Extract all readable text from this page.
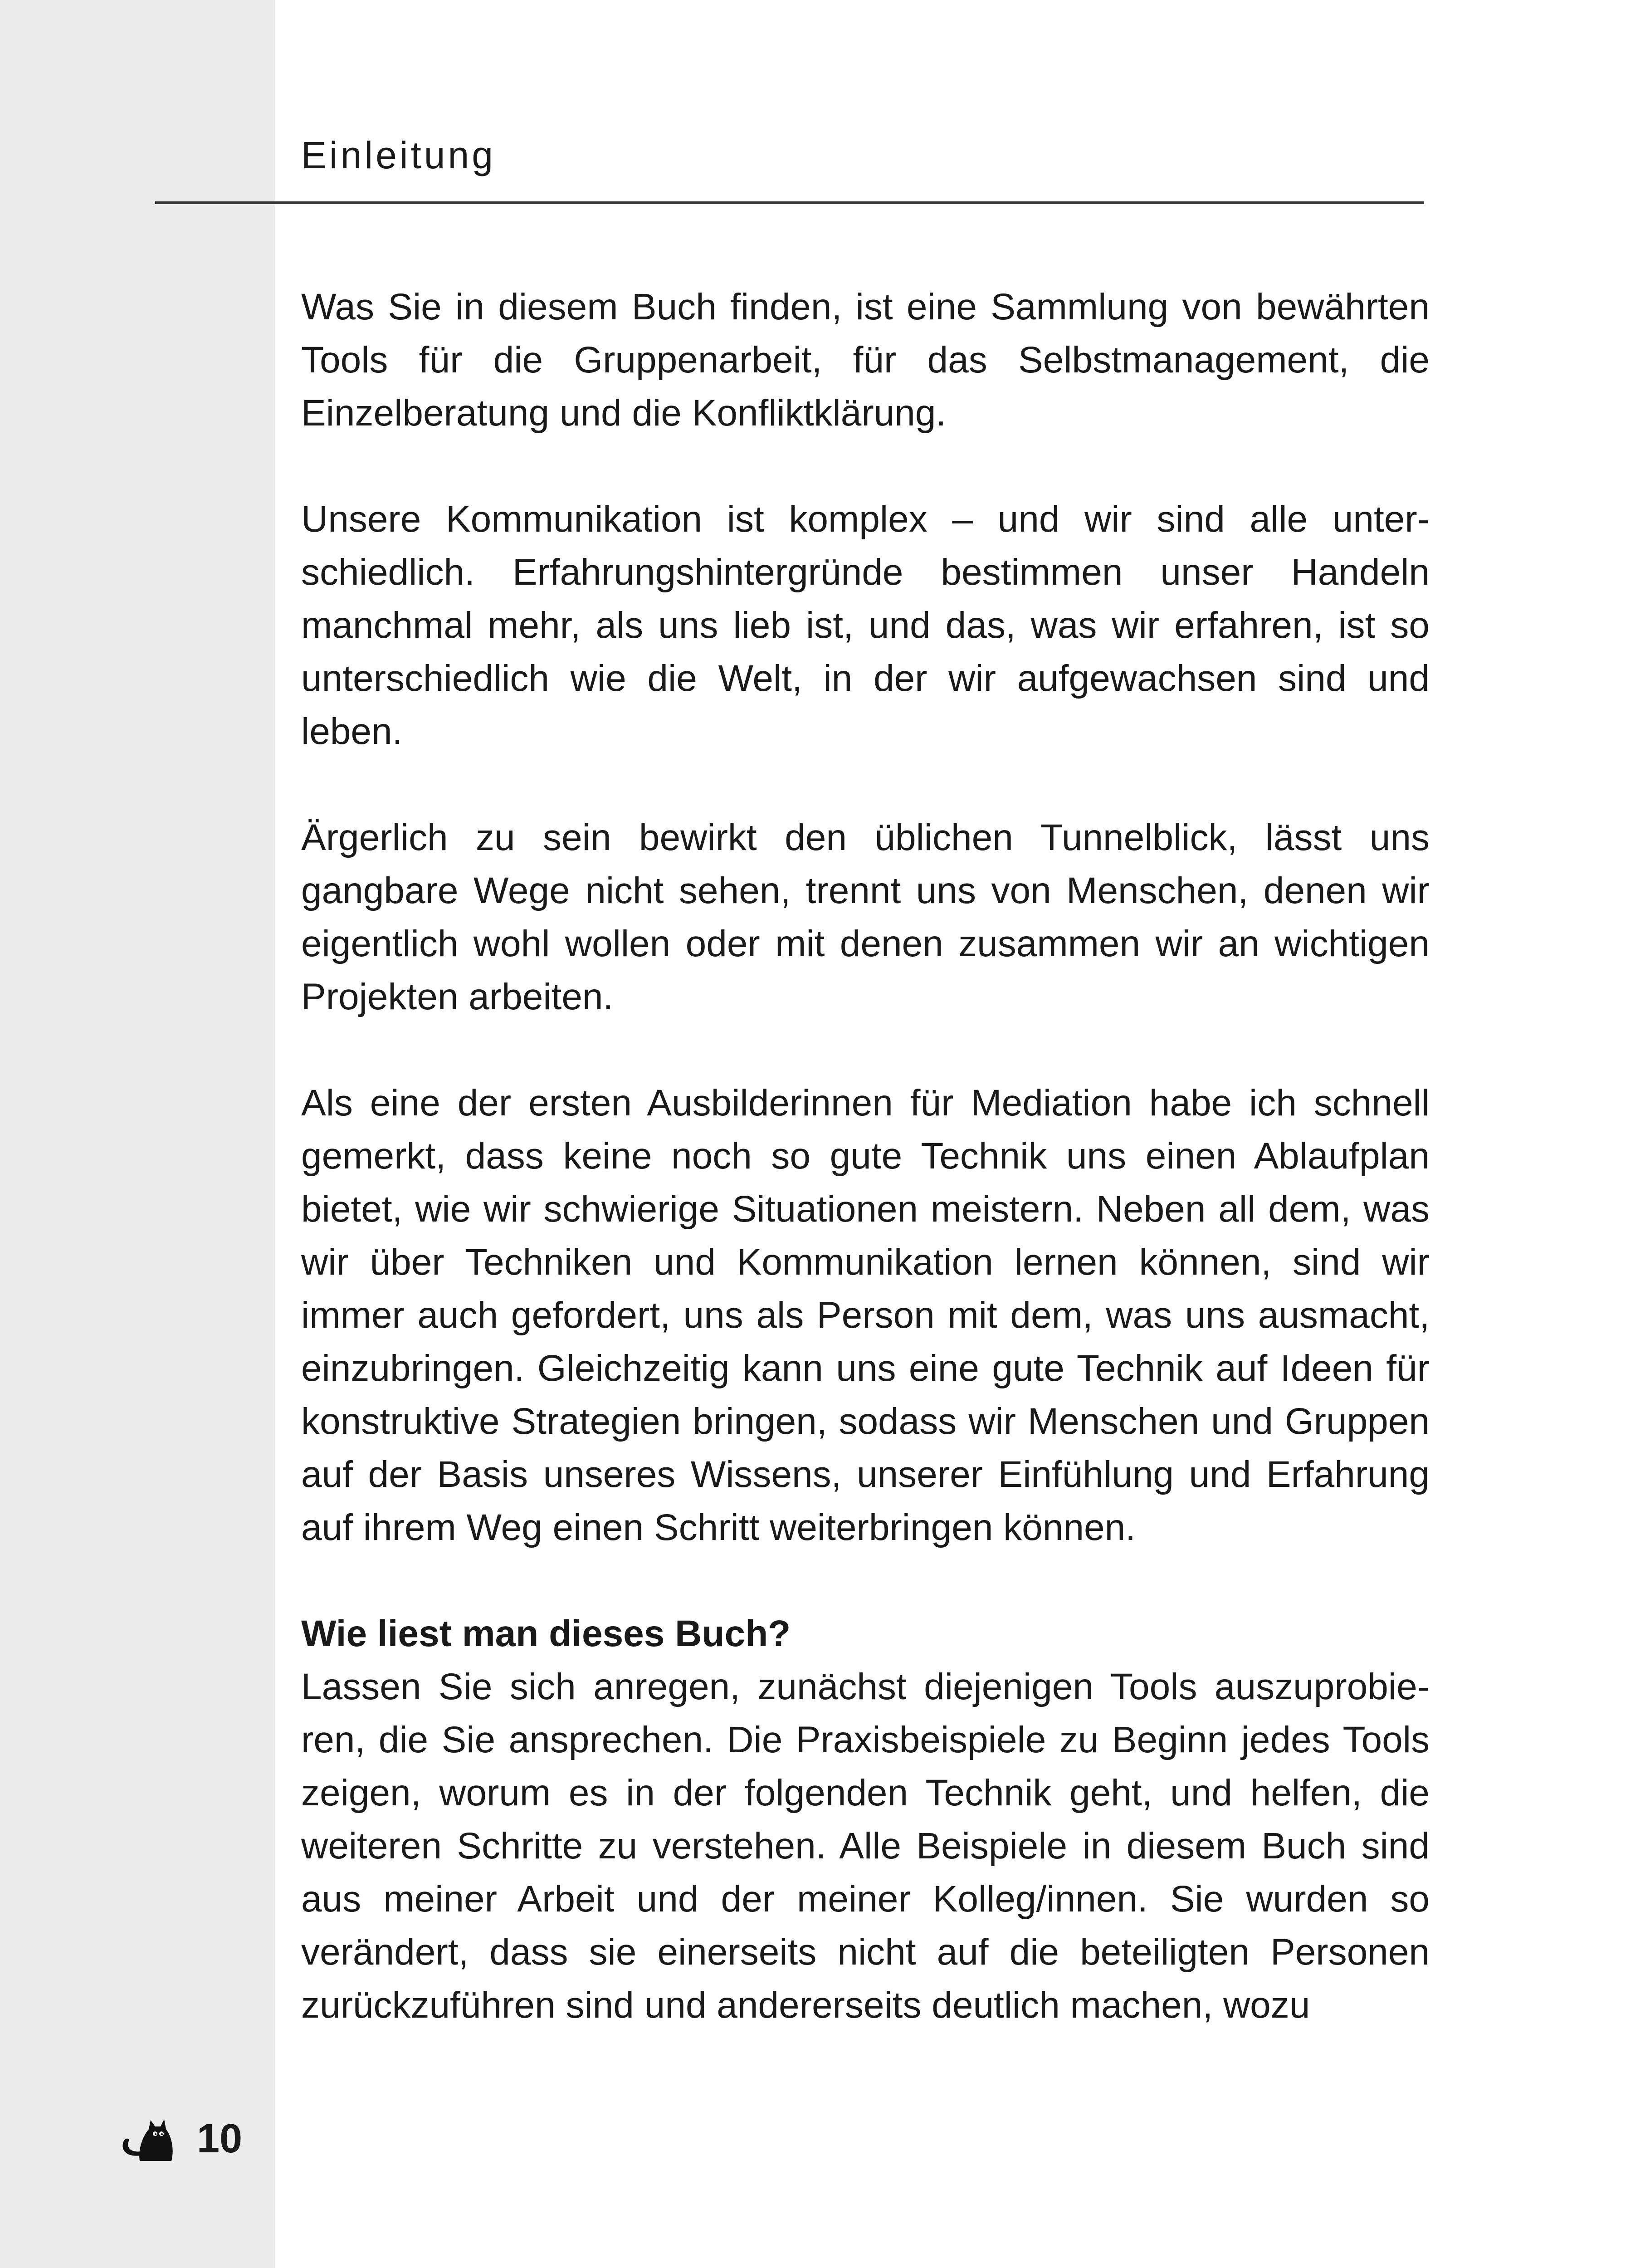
Einleitung

Was Sie in diesem Buch finden, ist eine Sammlung von bewährten Tools für die Gruppenarbeit, für das Selbstmanagement, die Einzelberatung und die Konfliktklärung.

Unsere Kommunikation ist komplex – und wir sind alle unterschiedlich. Erfahrungshintergründe bestimmen unser Handeln manchmal mehr, als uns lieb ist, und das, was wir erfahren, ist so unterschiedlich wie die Welt, in der wir aufgewachsen sind und leben.

Ärgerlich zu sein bewirkt den üblichen Tunnelblick, lässt uns gangbare Wege nicht sehen, trennt uns von Menschen, denen wir eigentlich wohl wollen oder mit denen zusammen wir an wichtigen Projekten arbeiten.

Als eine der ersten Ausbilderinnen für Mediation habe ich schnell gemerkt, dass keine noch so gute Technik uns einen Ablaufplan bietet, wie wir schwierige Situationen meistern. Neben all dem, was wir über Techniken und Kommunikation lernen können, sind wir immer auch gefordert, uns als Person mit dem, was uns ausmacht, einzubringen. Gleichzeitig kann uns eine gute Technik auf Ideen für konstruktive Strategien bringen, sodass wir Menschen und Gruppen auf der Basis unseres Wissens, unserer Einfühlung und Erfahrung auf ihrem Weg einen Schritt weiterbringen können.

Wie liest man dieses Buch?

Lassen Sie sich anregen, zunächst diejenigen Tools auszuprobieren, die Sie ansprechen. Die Praxisbeispiele zu Beginn jedes Tools zeigen, worum es in der folgenden Technik geht, und helfen, die weiteren Schritte zu verstehen. Alle Beispiele in diesem Buch sind aus meiner Arbeit und der meiner Kolleg/innen. Sie wurden so verändert, dass sie einerseits nicht auf die beteiligten Personen zurückzuführen sind und andererseits deutlich machen, wozu

10
